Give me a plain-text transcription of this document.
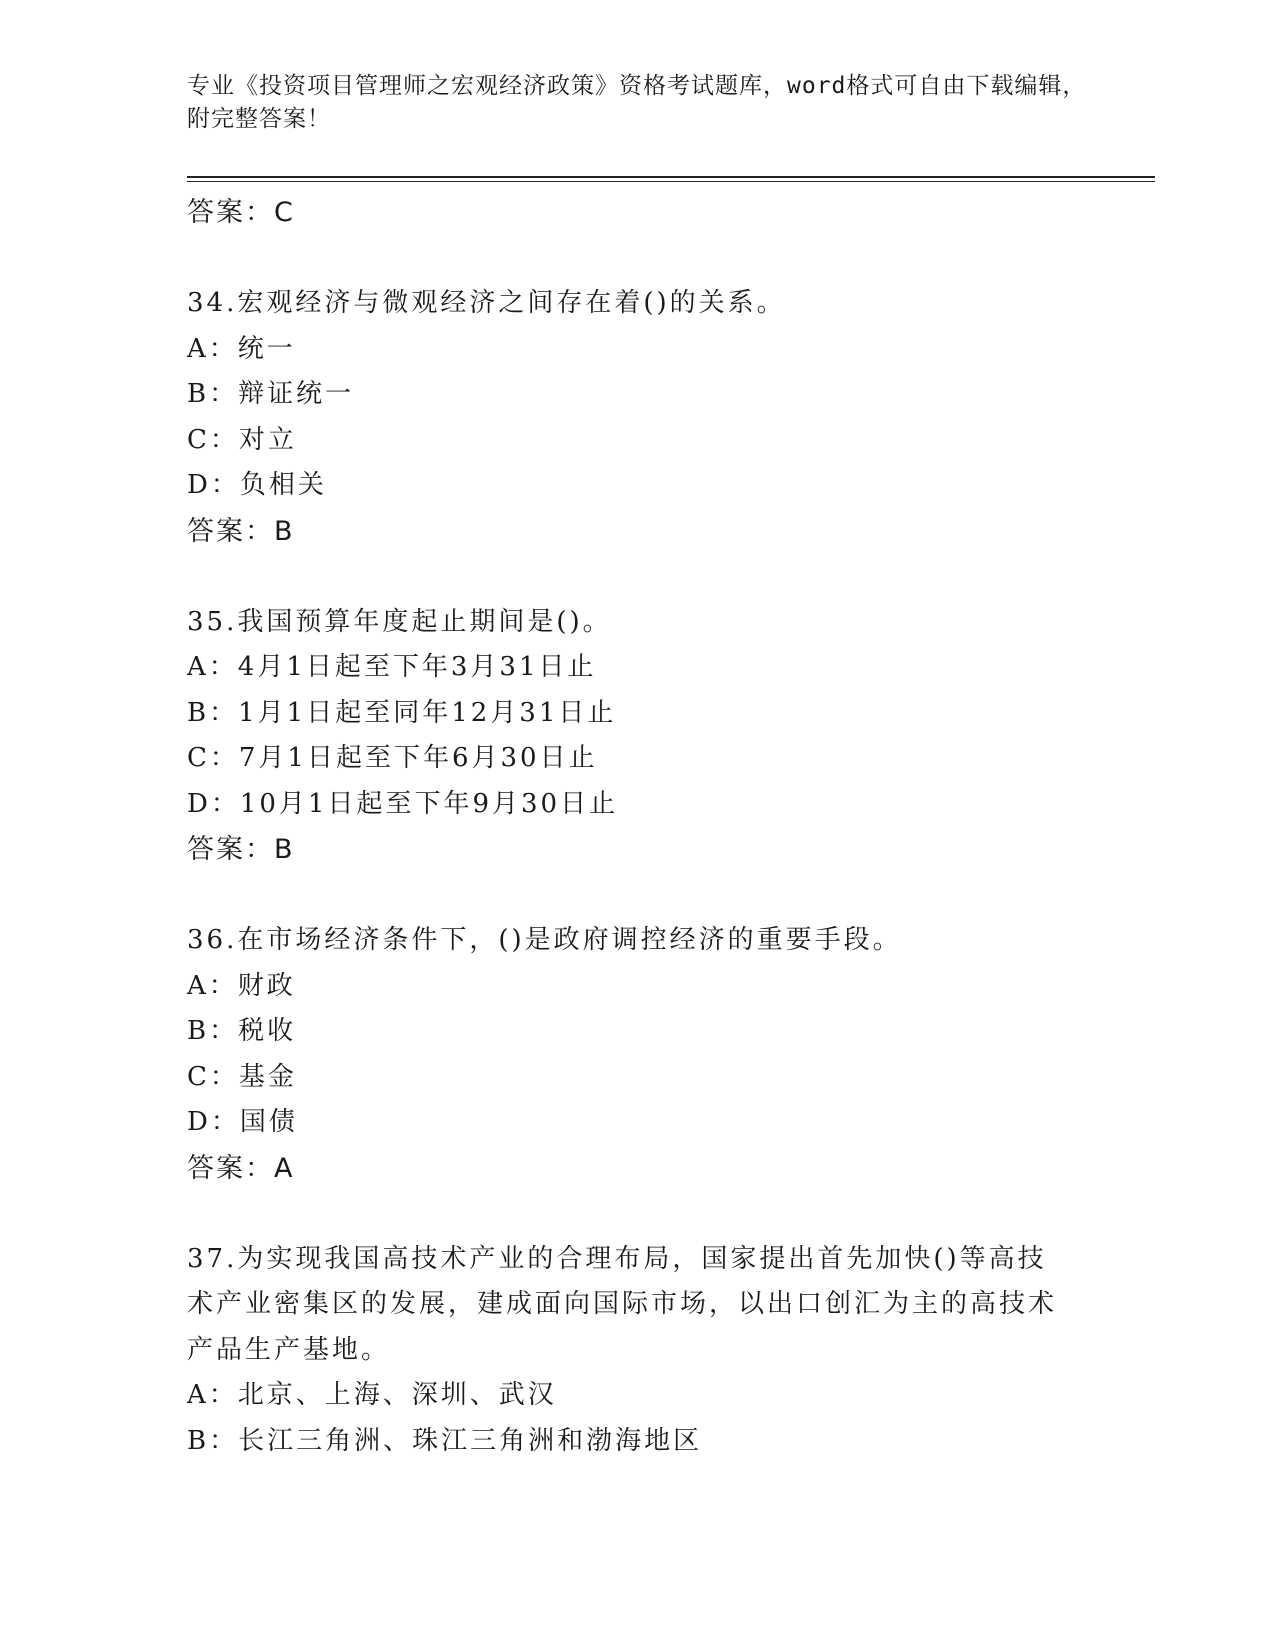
专业《投资项目管理师之宏观经济政策》资格考试题库，word格式可自由下载编辑，附完整答案！
答案：C
34.宏观经济与微观经济之间存在着()的关系。
A：统一
B：辩证统一
C：对立
D：负相关
答案：B
35.我国预算年度起止期间是()。
A：4月1日起至下年3月31日止
B：1月1日起至同年12月31日止
C：7月1日起至下年6月30日止
D：10月1日起至下年9月30日止
答案：B
36.在市场经济条件下，()是政府调控经济的重要手段。
A：财政
B：税收
C：基金
D：国债
答案：A
37.为实现我国高技术产业的合理布局，国家提出首先加快()等高技术产业密集区的发展，建成面向国际市场，以出口创汇为主的高技术产品生产基地。
A：北京、上海、深圳、武汉
B：长江三角洲、珠江三角洲和渤海地区
